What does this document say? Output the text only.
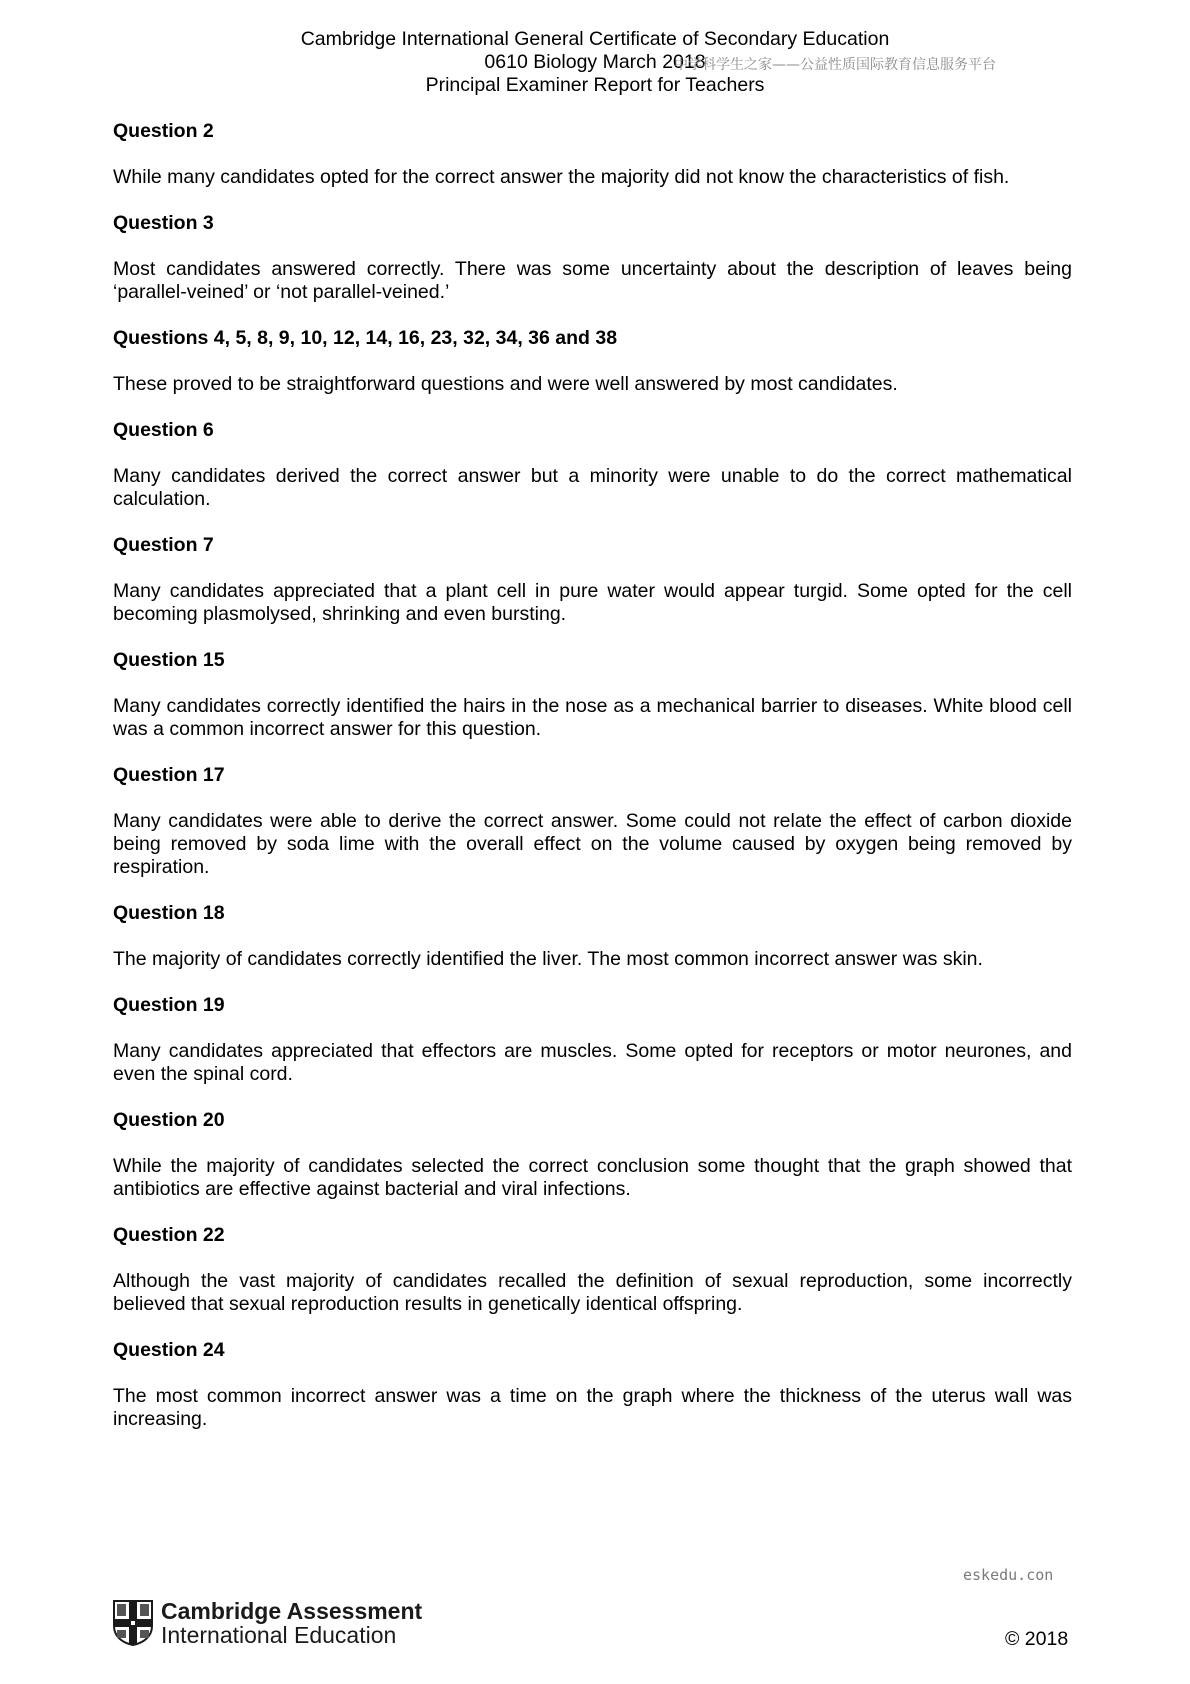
Cambridge International General Certificate of Secondary Education
0610 Biology March 2018
Principal Examiner Report for Teachers
中学科学生之家——公益性质国际教育信息服务平台

Question 2

While many candidates opted for the correct answer the majority did not know the characteristics of fish.

Question 3

Most candidates answered correctly. There was some uncertainty about the description of leaves being ‘parallel-veined’ or ‘not parallel-veined.’

Questions 4, 5, 8, 9, 10, 12, 14, 16, 23, 32, 34, 36 and 38

These proved to be straightforward questions and were well answered by most candidates.

Question 6

Many candidates derived the correct answer but a minority were unable to do the correct mathematical calculation.

Question 7

Many candidates appreciated that a plant cell in pure water would appear turgid. Some opted for the cell becoming plasmolysed, shrinking and even bursting.

Question 15

Many candidates correctly identified the hairs in the nose as a mechanical barrier to diseases. White blood cell was a common incorrect answer for this question.

Question 17

Many candidates were able to derive the correct answer. Some could not relate the effect of carbon dioxide being removed by soda lime with the overall effect on the volume caused by oxygen being removed by respiration.

Question 18

The majority of candidates correctly identified the liver. The most common incorrect answer was skin.

Question 19

Many candidates appreciated that effectors are muscles. Some opted for receptors or motor neurones, and even the spinal cord.

Question 20

While the majority of candidates selected the correct conclusion some thought that the graph showed that antibiotics are effective against bacterial and viral infections.

Question 22

Although the vast majority of candidates recalled the definition of sexual reproduction, some incorrectly believed that sexual reproduction results in genetically identical offspring.

Question 24

The most common incorrect answer was a time on the graph where the thickness of the uterus wall was increasing.

eskedu.con
Cambridge Assessment
International Education	© 2018
